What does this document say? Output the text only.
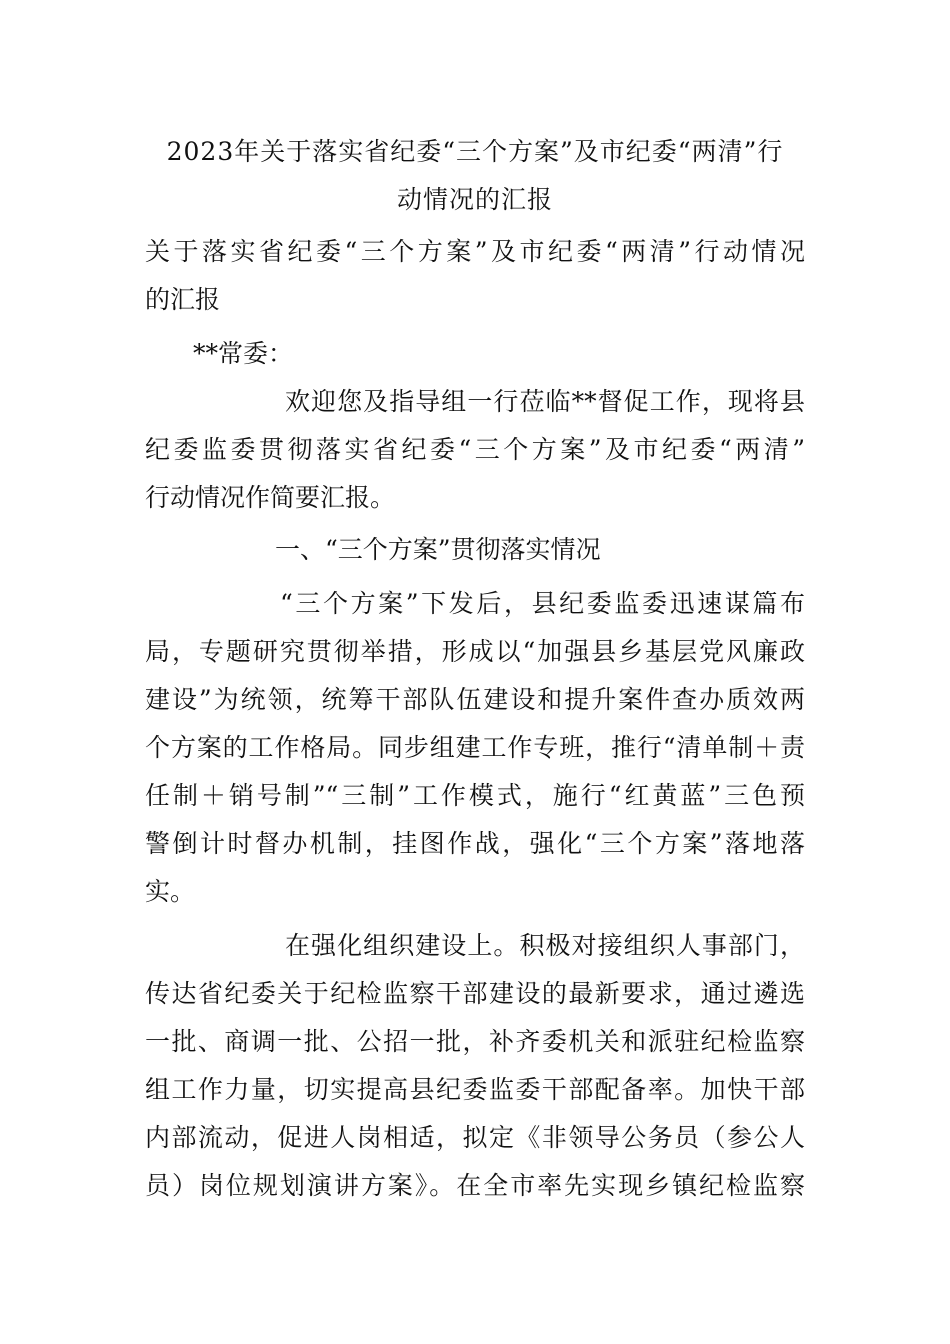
2023年关于落实省纪委“三个方案”及市纪委“两清”行
动情况的汇报
关于落实省纪委“三个方案”及市纪委“两清”行动情况
的汇报
**常委：
欢迎您及指导组一行莅临**督促工作，现将县
纪委监委贯彻落实省纪委“三个方案”及市纪委“两清”
行动情况作简要汇报。
一、“三个方案”贯彻落实情况
“三个方案”下发后，县纪委监委迅速谋篇布
局，专题研究贯彻举措，形成以“加强县乡基层党风廉政
建设”为统领，统筹干部队伍建设和提升案件查办质效两
个方案的工作格局。同步组建工作专班，推行“清单制＋责
任制＋销号制”“三制”工作模式，施行“红黄蓝”三色预
警倒计时督办机制，挂图作战，强化“三个方案”落地落
实。
在强化组织建设上。积极对接组织人事部门，
传达省纪委关于纪检监察干部建设的最新要求，通过遴选
一批、商调一批、公招一批，补齐委机关和派驻纪检监察
组工作力量，切实提高县纪委监委干部配备率。加快干部
内部流动，促进人岗相适，拟定《非领导公务员（参公人
员）岗位规划演讲方案》。在全市率先实现乡镇纪检监察
